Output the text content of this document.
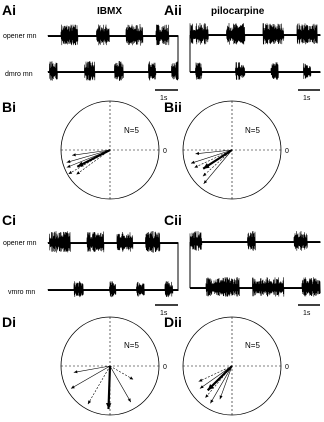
Ai	IBMX	Aii	pilocarpine
opener mn
dmro mn
1s	1s
Bi	Bii
N=5
0
N=5
0
Ci	Cii
opener mn
vmro mn
1s	1s
Di	Dii
N=5
0
N=5
0
